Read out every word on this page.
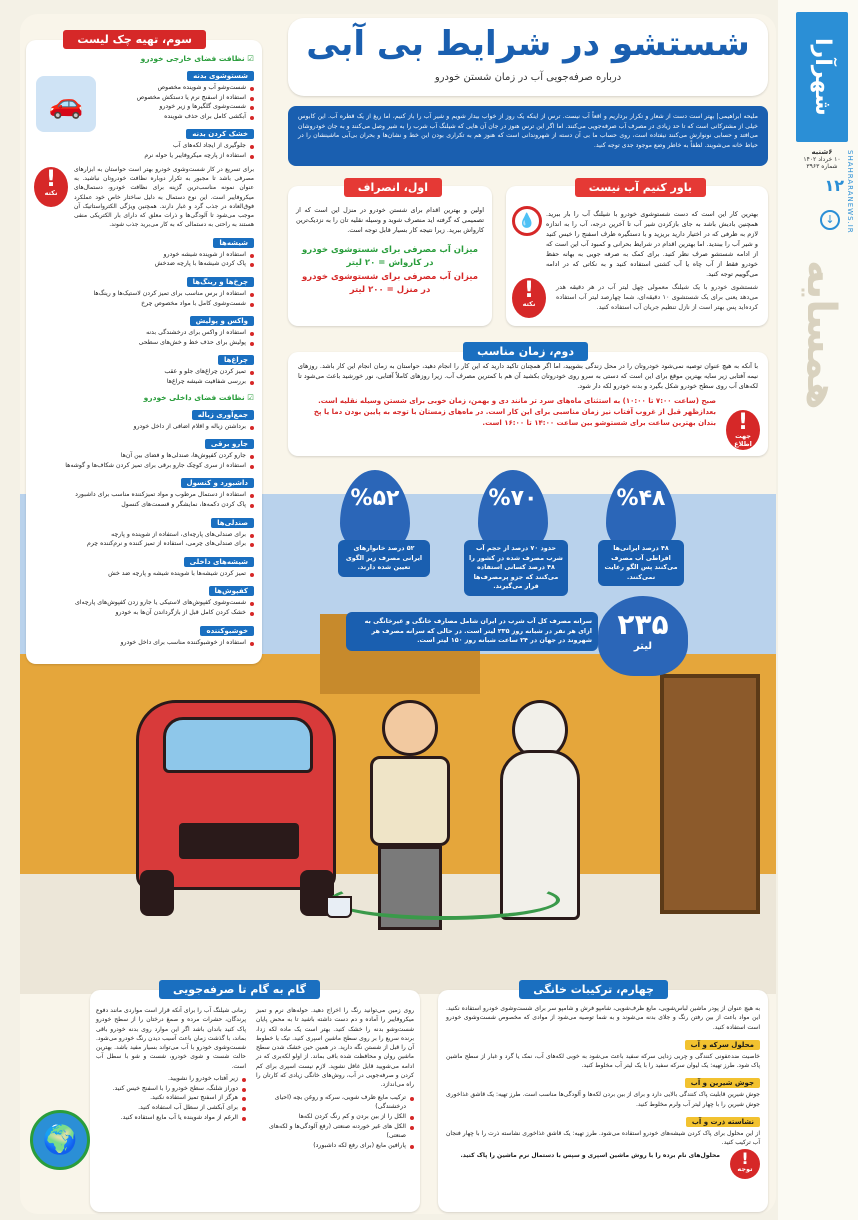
شهرآرا
۶شنبه
۱۰ خرداد ۱۴۰۲
شماره ۳۹۶۳
۱۲ SHAHRARANEWS.IR
↓
همسایه
شستشو در شرایط بی آبی
درباره صرفه‌جویی آب در زمان شستن خودرو

ملیحه ابراهیمی| بهتر است دست از شعار و تکرار برداریم و اقعاً آب نیست. ترس از اینکه یک روز از خواب بیدار شویم و شیر آب را باز کنیم، اما ریغ از یک قطره آب. این کابوس خیلی از مشترکانی است که تا حد زیادی در مصرف آب صرفه‌جویی می‌کنند. اما اگر این ترس هنوز در جان آن هایی که شیلنگ آب شرب را به شیر وصل می‌کنند و به جان خودرو‌شان می‌افتد و حسابی نونوارش می‌کنند نیفتاده است، روی حساب ما بی آن دسته از شهروندانی است که هنوز هم به تکراری بودن این خط و نشان‌ها و بحران بی‌آبی ماشینشان را در حیاط خانه می‌شویند. لطفاً به خاطر وضع موجود جدی توجه کنید.

باور کنیم آب نیست

بهترین کار این است که دست شستوشوی خودرو با شیلنگ آب را بار ببرید. همچنین بادیش باشد به جای بازکردن شیر آب تا آخرین درجه، آب را به اندازه لازم به ظرفی که در اختیار دارید بریزید و با دستگیره ظرف اسفنج را خیس کنید و شیر آب را ببندید. اما بهترین اقدام در شرایط بحرانی و کمبود آب این است که از ادامه شستشو صرف نظر کنید. برای کمک به صرفه جویی به بهانه حفظ خودرو فقط از آب چاه یا آب کشتی استفاده کنید و به نکاتی که در ادامه می‌گوییم توجه کنید.

💧
!
نکته

شستشوی خودرو با یک شیلنگ معمولی چهل لیتر آب در هر دقیقه هدر می‌دهد یعنی برای یک شستشوی ۱۰ دقیقه‌ای، شما چهارصد لیتر آب استفاده کرده‌اید پس بهتر است از نازل تنظیم جریان آب استفاده کنید.

اول، انصراف

اولین و بهترین اقدام برای شستن خودرو در منزل این است که از تصمیمی که گرفته اید منصرف شوید و وسیله نقلیه تان را به نزدیک‌ترین کارواش ببرید. زیرا نتیجه کار بسیار قابل توجه است.

میزان آب مصرفی برای شستوشوی خودرو در کارواش = ۲۰ لیتر

میزان آب مصرفی برای شستوشوی خودرو در منزل = ۲۰۰ لیتر

دوم، زمان مناسب

با آنکه به هیچ عنوان توصیه نمی‌شود خودروتان را در محل زندگی بشویید، اما اگر همچنان تاکید دارید که این کار را انجام دهید، حواستان به زمان انجام این کار باشد. روزهای نیمه آفتابی زیر سایه بهترین موقع برای این است که دستی به سرو روی خودرو‌تان بکشید آن هم با کمترین مصرف آب. زیرا روزهای کاملاً آفتابی، نور خورشید باعث می‌شود تا لکه‌های آب روی سطح خودرو شکل بگیرد و بدنه خودرو لکه دار شود.

!
جهت اطلاع

صبح (ساعت ۷:۰۰ تا ۱۰:۰۰) به استثنای ماه‌های سرد تر مانند دی و بهمن، زمان خوبی برای شستن وسیله نقلیه است. بعدازظهر قبل از غروب آفتاب نیز زمان مناسبی برای این کار است. در ماه‌های زمستان با توجه به پایین بودن دما یا پخ بندان بهترین ساعت برای شستوشو بین ساعت ۱۴:۰۰ تا ۱۶:۰۰ است.

%۵۲	%۷۰	%۴۸
۵۲ درصد خانوارهای ایرانی مصرف زیر الگوی تعیین شده دارند.
حدود ۷۰ درصد از حجم آب شرب مصرف شده در کشور را ۴۸ درصد کسانی استفاده می‌کنند که جزو پرمصرف‌ها قرار می‌گیرند.
۴۸ درصد ایرانی‌ها افراطی آب مصرف می‌کنند پس الگو رعایت نمی‌کنند.
۲۳۵
لیتر
سرانه مصرف کل آب شرب در ایران شامل مصارف خانگی و غیرخانگی به ازای هر نفر در شبانه روز ۲۳۵ لیتر است. در حالی که سرانه مصرف هر شهروند در جهان در ۲۴ ساعت شبانه روز ۱۵۰ لیتر است.
سوم، تهیه چک لیست
☑ نظافت فضای خارجی خودرو
شستوشوی بدنه
شست‌وشو آب و شوینده مخصوص
استفاده از اسفنج نرم یا دستکش مخصوص
شست‌وشوی گلگیرها و زیر خودرو
آبکشی کامل برای حذف شوینده
خشک کردن بدنه
جلوگیری از ایجاد لکه‌های آب
استفاده از پارچه میکروفایبر یا حوله نرم
🚗
!
نکته

برای تسریع در کار شست‌وشوی خودرو بهتر است حواستان به ابزارهای مصرفی باشد تا مجبور به تکرار دوباره نظافت خودروتان نباشید. به عنوان نمونه مناسب‌ترین گزینه برای نظافت خودرو، دستمال‌های میکروفایبر است. این نوع دستمال به دلیل ساختار خاص خود عملکرد فوق‌العاده در جذب گرد و غبار دارند. همچنین ویژگی الکترواستاتیک آن موجب می‌شود تا آلودگی‌ها و ذرات معلق که دارای بار الکتریکی منفی هستند به راحتی به دستمالی که به کار می‌برید جذب شوند.

شیشه‌ها
استفاده از شوینده شیشه خودرو
پاک کردن شیشه‌ها با پارچه ضدخش
چرخ‌ها و رینگ‌ها
استفاده از برس مناسب برای تمیز کردن لاستیک‌ها و رینگ‌ها
شست‌وشوی کامل با مواد مخصوص چرخ
واکس و پولیش
استفاده از واکس برای درخشندگی بدنه
پولیش برای حذف خط و خش‌های سطحی
چراغ‌ها
تمیز کردن چراغ‌های جلو و عقب
بررسی شفافیت شیشه چراغ‌ها
☑ نظافت فضای داخلی خودرو
جمع‌آوری زباله
برداشتن زباله و اقلام اضافی از داخل خودرو
جارو برقی
جارو کردن کفپوش‌ها، صندلی‌ها و فضای بین آن‌ها
استفاده از سری کوچک جارو برقی برای تمیز کردن شکاف‌ها و گوشه‌ها
داشبورد و کنسول
استفاده از دستمال مرطوب و مواد تمیزکننده مناسب برای داشبورد
پاک کردن دکمه‌ها، نمایشگر و قسمت‌های کنسول
صندلی‌ها
برای صندلی‌های پارچه‌ای، استفاده از شوینده و پارچه
برای صندلی‌های چرمی، استفاده از تمیز کننده و نرم‌کننده چرم
شیشه‌های داخلی
تمیز کردن شیشه‌ها با شوینده شیشه و پارچه ضد خش
کفپوش‌ها
شست‌وشوی کفپوش‌های لاستیکی یا جارو زدن کفپوش‌های پارچه‌ای
خشک کردن کامل قبل از بازگرداندن آن‌ها به خودرو
خوشبوکننده
استفاده از خوشبوکننده مناسب برای داخل خودرو
گام به گام تا صرفه‌جویی

روی زمین می‌توانید رنگ را اخراج دهید. حوله‌های نرم و تمیز میکروفایبر را آماده و دم دست داشته باشید تا به محض پایان شست‌وشو بدنه را خشک کنید. بهتر است یک ماده لکه زدا، برنده سریع را بر روی سطح ماشین اسپری کنید. تیک یا خطوط آن را قبل از شستن نگه دارید. در همین حین خشک شدن سطح ماشین روان و محافظت شده باقی بماند. از اولو لکه‌بری که در ادامه می‌شویید قابل غافل نشوید. لازم نیست اسپری برای کم کردن و صرفه‌جویی در آب، روش‌های خانگی زیادی که کارتان را راه می‌اندازد.

ترکیب مایع ظرف شویی، سرکه و روغن بچه (احیای درخشندگی)
الکل را از بین بردن و کم رنگ کردن لکه‌ها
الکل های غیر خوردنه صنعتی (رفع آلودگی‌ها و لکه‌های صنعتی)
پارافین مایع (برای رفع لکه داشبورد)

زمانی شیلنگ آب را برای آنکه قرار است مواردی مانند دفوع پرندگان، حشرات مرده و صمغ درختان را از سطح خودرو پاک کنید باندان باشد اگر این موارد روی بدنه خودرو باقی بماند، با گذشت زمان باعث آسیب دیدن رنگ خودرو می‌شود. شست‌وشوی خودرو با آب می‌تواند بسیار مفید باشد. بهترین حالت شست و شوی خودرو، شست و شو با سطل آب است.

زیر آفتاب خودرو را نشویید.
دوراز شلنگ، سطح خودرو را با اسفنج خیس کنید.
هرگز از اسفنج تمیز استفاده نکنید.
برای آبکشی از سطل آب استفاده کنید.
الرغم از مواد شوینده یا آب مایع استفاده کنید.
🌍
چهارم، ترکیبات خانگی

به هیچ عنوان از پودر ماشین لباس‌شویی، مایع ظرف‌شویی، شامپو فرش و شامپو سر برای شست‌وشوی خودرو استفاده نکنید. این مواد باعث از بین رفتن رنگ و جلای بدنه می‌شوند و به شما توصیه می‌شود از موادی که مخصوص شست‌وشوی خودرو است استفاده کنید.

محلول سرکه و آب

خاصیت ضدعفونی کنندگی و چربی زدایی سرکه سفید باعث می‌شود به خوبی لکه‌های آب، نمک یا گرد و غبار از سطح ماشین پاک شود. طرز تهیه: یک لیوان سرکه سفید را با یک لیتر آب مخلوط کنید.

جوش شیرین و آب

جوش شیرین قابلیت پاک کنندگی بالایی دارد و برای از بین بردن لکه‌ها و آلودگی‌ها مناسب است. طرز تهیه: یک قاشق غذاخوری جوش شیرین را با چهار لیتر آب ولرم مخلوط کنید.

نشاسته ذرت و آب

از این محلول برای پاک کردن شیشه‌های خودرو استفاده می‌شود. طرز تهیه: یک قاشق غذاخوری نشاسته ذرت را با چهار فنجان آب ترکیب کنید.

!
توجه

محلول‌های نام برده را با روش ماشین اسپری و سپس با دستمال نرم ماشین را پاک کنید.
